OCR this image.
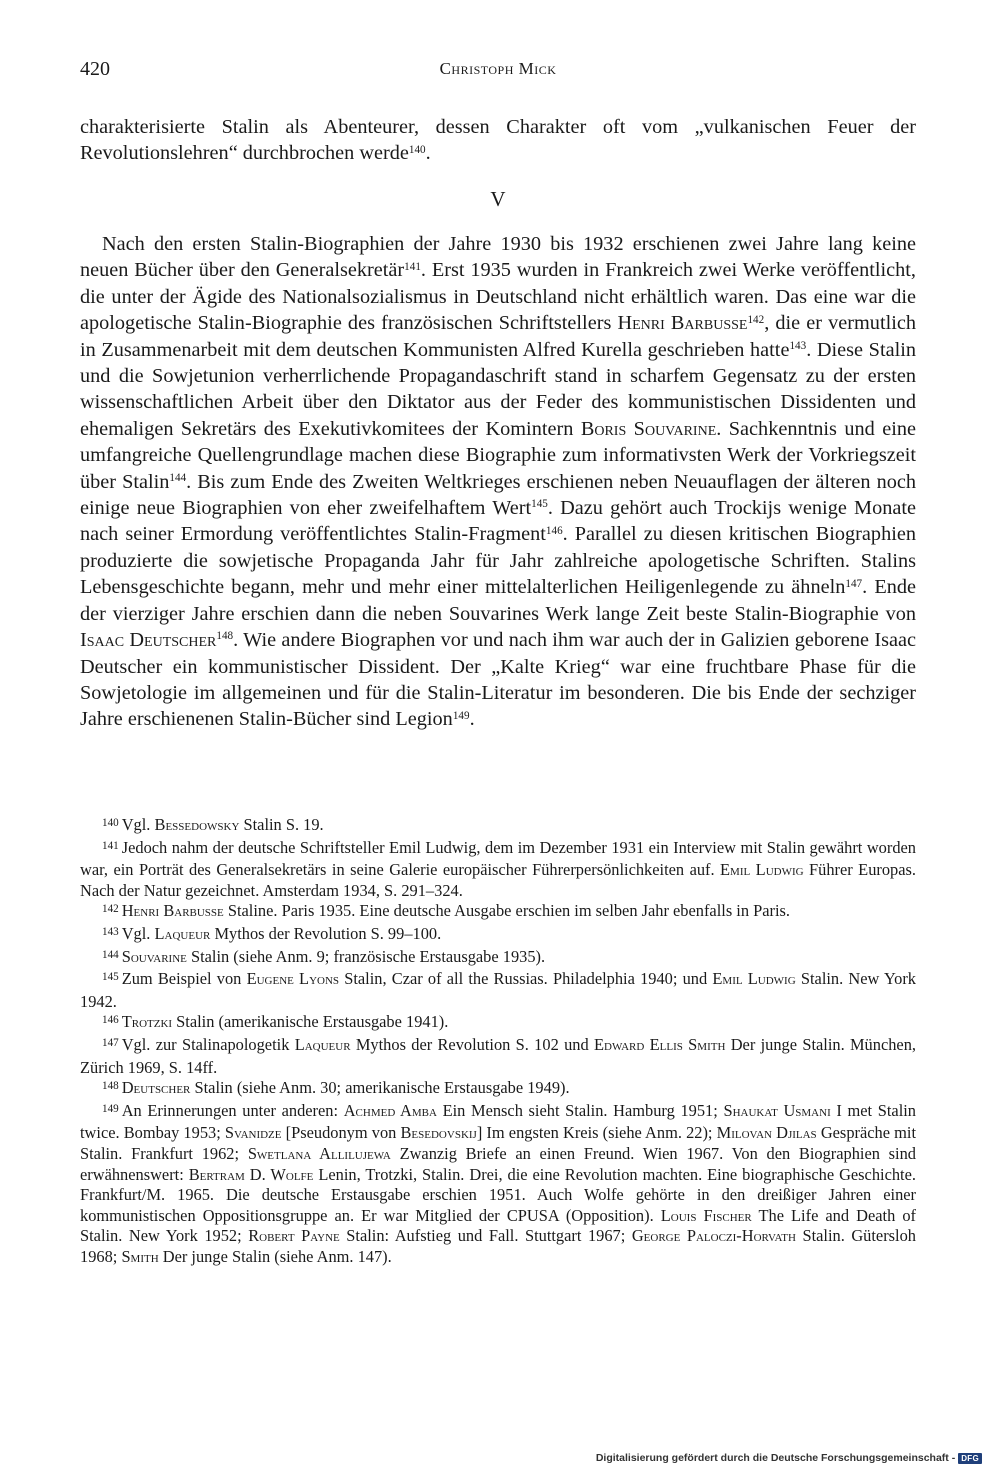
420	Christoph Mick

charakterisierte Stalin als Abenteurer, dessen Charakter oft vom „vulkanischen Feuer der Revolutionslehren“ durchbrochen werde$^{140}$.

V

Nach den ersten Stalin-Biographien der Jahre 1930 bis 1932 erschienen zwei Jahre lang keine neuen Bücher über den Generalsekretär$^{141}$. Erst 1935 wurden in Frankreich zwei Werke veröffentlicht, die unter der Ägide des Nationalsozialismus in Deutschland nicht erhältlich waren. Das eine war die apologetische Stalin-Biographie des französischen Schriftstellers Henri Barbusse$^{142}$, die er vermutlich in Zusammenarbeit mit dem deutschen Kommunisten Alfred Kurella geschrieben hatte$^{143}$. Diese Stalin und die Sowjetunion verherrlichende Propagandaschrift stand in scharfem Gegensatz zu der ersten wissenschaftlichen Arbeit über den Diktator aus der Feder des kommunistischen Dissidenten und ehemaligen Sekretärs des Exekutivkomitees der Komintern Boris Souvarine. Sachkenntnis und eine umfangreiche Quellengrundlage machen diese Biographie zum informativsten Werk der Vorkriegszeit über Stalin$^{144}$. Bis zum Ende des Zweiten Weltkrieges erschienen neben Neuauflagen der älteren noch einige neue Biographien von eher zweifelhaftem Wert$^{145}$. Dazu gehört auch Trockijs wenige Monate nach seiner Ermordung veröffentlichtes Stalin-Fragment$^{146}$. Parallel zu diesen kritischen Biographien produzierte die sowjetische Propaganda Jahr für Jahr zahlreiche apologetische Schriften. Stalins Lebensgeschichte begann, mehr und mehr einer mittelalterlichen Heiligenlegende zu ähneln$^{147}$. Ende der vierziger Jahre erschien dann die neben Souvarines Werk lange Zeit beste Stalin-Biographie von Isaac Deutscher$^{148}$. Wie andere Biographen vor und nach ihm war auch der in Galizien geborene Isaac Deutscher ein kommunistischer Dissident. Der „Kalte Krieg“ war eine fruchtbare Phase für die Sowjetologie im allgemeinen und für die Stalin-Literatur im besonderen. Die bis Ende der sechziger Jahre erschienenen Stalin-Bücher sind Legion$^{149}$.

$^{140}$ Vgl. Bessedowsky Stalin S. 19.

$^{141}$ Jedoch nahm der deutsche Schriftsteller Emil Ludwig, dem im Dezember 1931 ein Interview mit Stalin gewährt worden war, ein Porträt des Generalsekretärs in seine Galerie europäischer Führerpersönlichkeiten auf. Emil Ludwig Führer Europas. Nach der Natur gezeichnet. Amsterdam 1934, S. 291–324.

$^{142}$ Henri Barbusse Staline. Paris 1935. Eine deutsche Ausgabe erschien im selben Jahr ebenfalls in Paris.

$^{143}$ Vgl. Laqueur Mythos der Revolution S. 99–100.

$^{144}$ Souvarine Stalin (siehe Anm. 9; französische Erstausgabe 1935).

$^{145}$ Zum Beispiel von Eugene Lyons Stalin, Czar of all the Russias. Philadelphia 1940; und Emil Ludwig Stalin. New York 1942.

$^{146}$ Trotzki Stalin (amerikanische Erstausgabe 1941).

$^{147}$ Vgl. zur Stalinapologetik Laqueur Mythos der Revolution S. 102 und Edward Ellis Smith Der junge Stalin. München, Zürich 1969, S. 14ff.

$^{148}$ Deutscher Stalin (siehe Anm. 30; amerikanische Erstausgabe 1949).

$^{149}$ An Erinnerungen unter anderen: Achmed Amba Ein Mensch sieht Stalin. Hamburg 1951; Shaukat Usmani I met Stalin twice. Bombay 1953; Svanidze [Pseudonym von Besedovskij] Im engsten Kreis (siehe Anm. 22); Milovan Djilas Gespräche mit Stalin. Frankfurt 1962; Swetlana Allilujewa Zwanzig Briefe an einen Freund. Wien 1967. Von den Biographien sind erwähnenswert: Bertram D. Wolfe Lenin, Trotzki, Stalin. Drei, die eine Revolution machten. Eine biographische Geschichte. Frankfurt/M. 1965. Die deutsche Erstausgabe erschien 1951. Auch Wolfe gehörte in den dreißiger Jahren einer kommunistischen Oppositionsgruppe an. Er war Mitglied der CPUSA (Opposition). Louis Fischer The Life and Death of Stalin. New York 1952; Robert Payne Stalin: Aufstieg und Fall. Stuttgart 1967; George Paloczi-Horvath Stalin. Gütersloh 1968; Smith Der junge Stalin (siehe Anm. 147).

Digitalisierung gefördert durch die Deutsche Forschungsgemeinschaft - DFG
